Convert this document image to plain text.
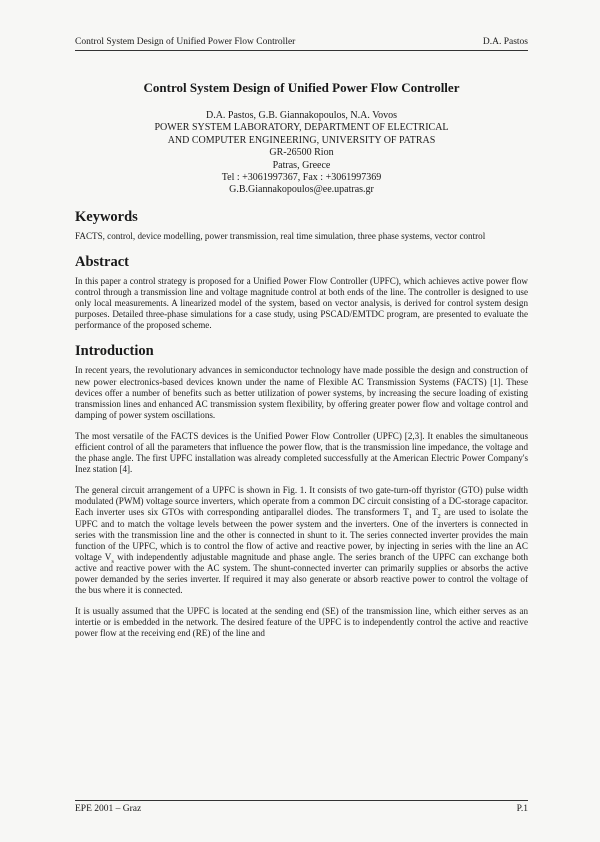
Control System Design of Unified Power Flow Controller	D.A. Pastos
Control System Design of Unified Power Flow Controller
D.A. Pastos, G.B. Giannakopoulos, N.A. Vovos
POWER SYSTEM LABORATORY, DEPARTMENT OF ELECTRICAL
AND COMPUTER ENGINEERING, UNIVERSITY OF PATRAS
GR-26500 Rion
Patras, Greece
Tel : +3061997367, Fax : +3061997369
G.B.Giannakopoulos@ee.upatras.gr
Keywords

FACTS, control, device modelling, power transmission, real time simulation, three phase systems, vector control

Abstract

In this paper a control strategy is proposed for a Unified Power Flow Controller (UPFC), which achieves active power flow control through a transmission line and voltage magnitude control at both ends of the line. The controller is designed to use only local measurements. A linearized model of the system, based on vector analysis, is derived for control system design purposes. Detailed three-phase simulations for a case study, using PSCAD/EMTDC program, are presented to evaluate the performance of the proposed scheme.

Introduction

In recent years, the revolutionary advances in semiconductor technology have made possible the design and construction of new power electronics-based devices known under the name of Flexible AC Transmission Systems (FACTS) [1]. These devices offer a number of benefits such as better utilization of power systems, by increasing the secure loading of existing transmission lines and enhanced AC transmission system flexibility, by offering greater power flow and voltage control and damping of power system oscillations.

The most versatile of the FACTS devices is the Unified Power Flow Controller (UPFC) [2,3]. It enables the simultaneous efficient control of all the parameters that influence the power flow, that is the transmission line impedance, the voltage and the phase angle. The first UPFC installation was already completed successfully at the American Electric Power Company's Inez station [4].

The general circuit arrangement of a UPFC is shown in Fig. 1. It consists of two gate-turn-off thyristor (GTO) pulse width modulated (PWM) voltage source inverters, which operate from a common DC circuit consisting of a DC-storage capacitor. Each inverter uses six GTOs with corresponding antiparallel diodes. The transformers $T_1$ and $T_2$ are used to isolate the UPFC and to match the voltage levels between the power system and the inverters. One of the inverters is connected in series with the transmission line and the other is connected in shunt to it. The series connected inverter provides the main function of the UPFC, which is to control the flow of active and reactive power, by injecting in series with the line an AC voltage $V_s$ with independently adjustable magnitude and phase angle. The series branch of the UPFC can exchange both active and reactive power with the AC system. The shunt-connected inverter can primarily supplies or absorbs the active power demanded by the series inverter. If required it may also generate or absorb reactive power to control the voltage of the bus where it is connected.

It is usually assumed that the UPFC is located at the sending end (SE) of the transmission line, which either serves as an intertie or is embedded in the network. The desired feature of the UPFC is to independently control the active and reactive power flow at the receiving end (RE) of the line and

EPE 2001 – Graz	P.1
